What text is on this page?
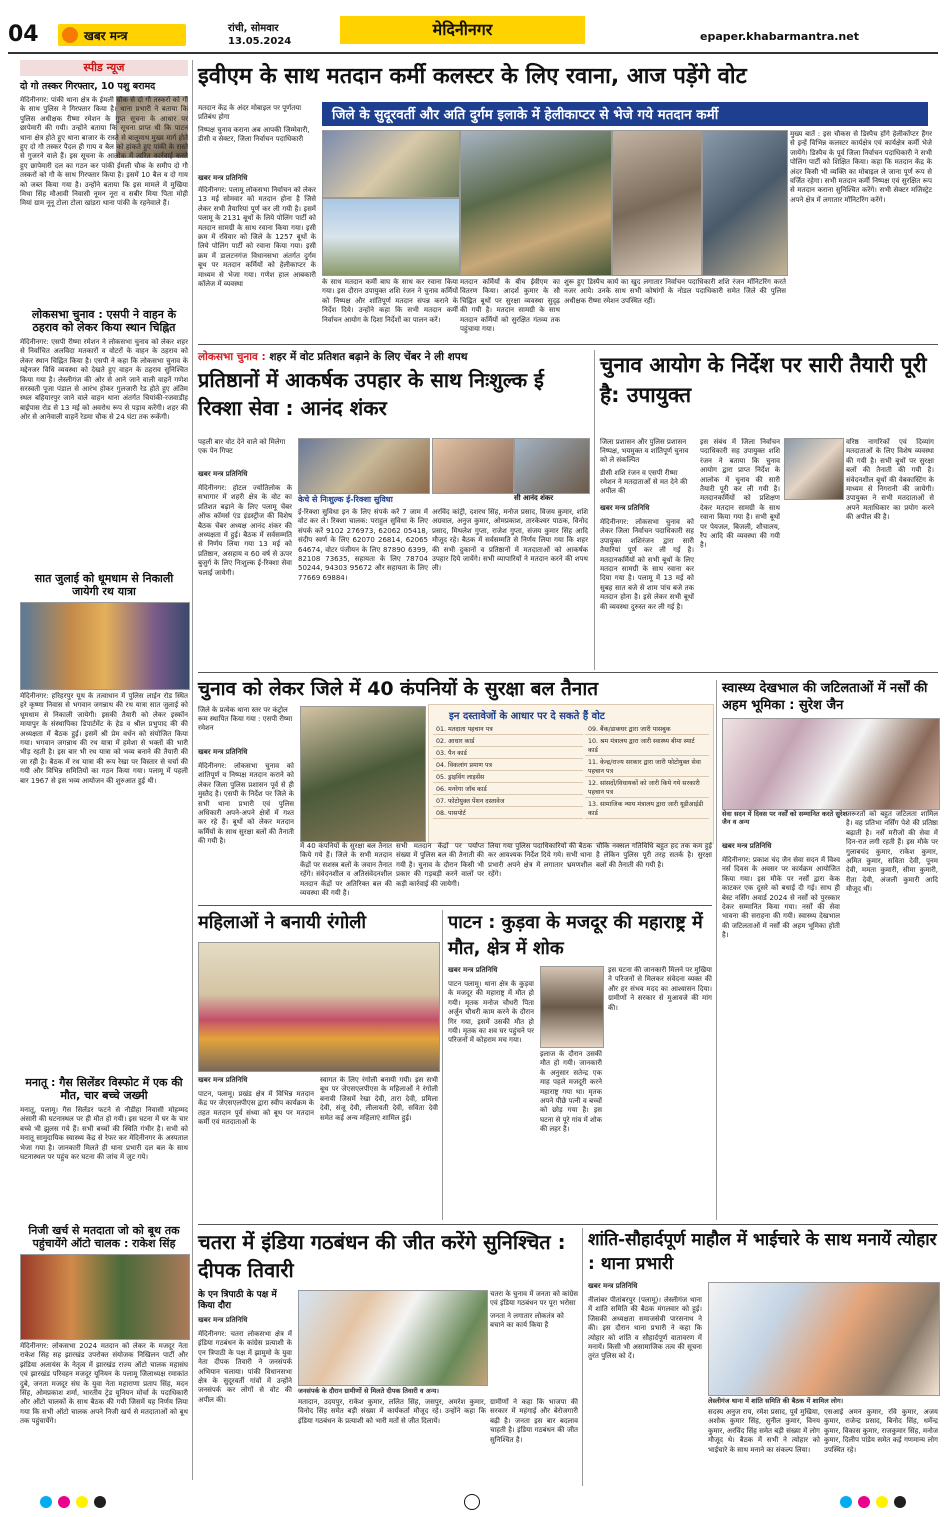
04	खबर मन्त्र
रांची, सोमवार
13.05.2024
मेदिनीनगर	epaper.khabarmantra.net
स्पीड न्यूज
दो गो तस्कर गिरफ्तार, 10 पशु बरामद
मेदिनीनगर: पांकी थाना क्षेत्र के ईमली चौक से दो गौ तस्करों को गौ के साथ पुलिस ने गिरफ्तार किया है। थाना प्रभारी ने बताया कि पुलिस अधीक्षक रीष्मा रमेशन के गुप्त सूचना के आधार पर छापेमारी की गयी। उन्होंने बताया कि सूचना प्राप्त थी कि पाटन थाना क्षेत्र होते हुए थाना बाजार के रास्ते से बालूमाथ मुख्य मार्ग होते हुए दो गौ तस्कर पैदल ही गाय व बैल को हांकते हुए पांकी के रास्ते से गुजरने वाले हैं। इस सूचना के आलोक में त्वरित कार्रवाई करते हुए छापेमारी दल का गठन कर पांकी ईमली चौक के समीप दो गौ तस्करों को गौ के साथ गिरफ्तार किया है। इसमें 10 बैल व दो गाय को जब्त किया गया है। उन्होंने बताया कि इस मामले में मुखिया मिथा सिंह मौआवी निवासी नूमन नूरा व सबीर मिया पिता मोही मियां ग्राम नूनू टोला टोला खांडरा थाना पांकी के रहनेवाले हैं।
लोकसभा चुनाव : एसपी ने वाहन के ठहराव को लेकर किया स्थान चिह्नित
मेदिनीनगर: एसपी रीष्मा रमेशन ने लोकसभा चुनाव को लेकर शहर से निर्वाचित अलविदा मतकारों व वोटरों के वाहन के ठहराव को लेकर स्थान चिह्नित किया है। एसपी ने कहा कि लोकसभा चुनाव के मद्देनजर विधि व्यवस्था को देखते हुए वाहन के ठहराव सुनिश्चित किया गया है। लेस्लीगंज की ओर से आने जाने वाली वाहनें गणेश सरस्वती पूजा पंडाल से आरंभ होकर गुलजारी रेड होते हुए अंतिम स्थल बहियारपुर जाने वाले वाहन थाना अंतर्गत चियांकी-रजवाडीह बाईपास रोड से 13 मई को अवरोध रूप से पड़ाव करेंगी। शहर की ओर से आनेवाली वाहनें रेडमा चौक से 24 घंटा तक रूकेंगी।
सात जुलाई को धूमधाम से निकाली जायेगी रथ यात्रा
मेदिनीनगर: हरिहरपुर यूथ के तत्वाधान में पुलिस लाईन रोड स्थित हरे कृष्णा निवास से भगवान जगन्नाथ की रथ यात्रा सात जुलाई को धूमधाम से निकाली जायेगी। इसकी तैयारी को लेकर इस्कॉन मायापुर के संस्थापिका डिपार्टमेंट के हेड व श्रील प्रभुपाद की की अध्यक्षता में बैठक हुई। इसमें श्री प्रेम वर्धन को संयोजित किया गया। भगवान जगन्नाथ की रथ यात्रा में हमेशा से भक्तों की भारी भीड़ रहती है। इस बार भी रथ यात्रा को भव्य बनाने की तैयारी की जा रही है। बैठक में रथ यात्रा की रूप रेखा पर विस्तार से चर्चा की गयी और विभिन्न समितियों का गठन किया गया। पलामू में पहली बार 1967 से इस भव्य आयोजन की शुरुआत हुई थी।
मनातू : गैस सिलेंडर विस्फोट में एक की मौत, चार बच्चे जख्मी
मनातू, पलामू। गैस सिलेंडर फटने से नौडीहा निवासी मोहम्मद अंसारी की घटनास्थल पर ही मौत हो गयी। इस घटना में घर के चार बच्चे भी झुलस गये हैं। सभी बच्चों की स्थिति गंभीर है। सभी को मनातू सामुदायिक स्वास्थ्य केंद्र से रेफर कर मेदिनीनगर के अस्पताल भेजा गया है। जानकारी मिलते ही थाना प्रभारी दल बल के साथ घटनास्थल पर पहुंच कर घटना की जांच में जुट गये।
निजी खर्च से मतदाता जो को बूथ तक पहुंचायेंगे ऑटो चालक : राकेश सिंह
मेदिनीनगर: लोकसभा 2024 मतदान को लेकर के मजदूर नेता राकेश सिंह सह झारखंड उपरोक्त संयोजक निखिलन पार्टी और झंडिया अलायंस के नेतृत्व में झारखंड राज्य ऑटो चालक महासंघ एवं झारखंड परिवहन मजदूर यूनियन के पलामू जिलाध्यक्ष रमाकांत दुबे, जनता मजदूर संघ के युवा नेता महाराणा प्रताप सिंह, मदन सिंह, ओमप्रकाश शर्मा, भारतीय ट्रेड यूनियन मोर्चा के पदाधिकारी और ऑटो चालकों के साथ बैठक की गयी जिसमें यह निर्णय लिया गया कि सभी ऑटो चालक अपने निजी खर्च से मतदाताओं को बूथ तक पहुंचायेंगे।
इवीएम के साथ मतदान कर्मी कलस्टर के लिए रवाना, आज पड़ेंगे वोट
जिले के सुदूरवर्ती और अति दुर्गम इलाके में हेलीकाप्टर से भेजे गये मतदान कर्मी
मतदान केंद्र के अंदर मोबाइल पर पूर्णतया प्रतिबंध होगा
निष्पक्ष चुनाव कराना अब आपकी जिम्मेवारी, डीसी व सेक्टर, जिला निर्वाचन पदाधिकारी
खबर मन्त्र प्रतिनिधि
मेदिनीनगर: पलामू लोकसभा निर्वाचन को लेकर 13 मई सोमवार को मतदान होना है जिसे लेकर सभी तैयारियां पूर्ण कर ली गयी है। इसमें पलामू के 2131 बूथों के लिये पोलिंग पार्टी को मतदान सामग्री के साथ रवाना किया गया। इसी क्रम में रविवार को जिले के 1257 बूथों के लिये पोलिंग पार्टी को रवाना किया गया। इसी क्रम में डालटनगंज विधानसभा अंतर्गत दुर्गम बूथ पर मतदान कर्मियों को हेलीकाप्टर के माध्यम से भेजा गया। गणेश हाल आबकारी कॉलेज में व्यवस्था	के साथ मतदान कर्मी बाघ के साथ कर रवाना किया गया। इस दौरान उपायुक्त शशि रंजन ने चुनाव कर्मियों को निष्पक्ष और शांतिपूर्ण मतदान संपन्न कराने के निर्देश दिये। उन्होंने कहा कि सभी मतदान कर्मी निर्वाचन आयोग के दिशा निर्देशों का पालन करें।
मतदान कर्मियों के बीच ईवीएम का वितरण किया। आदर्श कुमार के सौ चिह्नित बूथों पर सुरक्षा व्यवस्था सुदृढ़ की गयी है। मतदान सामग्री के साथ मतदान कर्मियों को सुरक्षित गंतव्य तक पहुंचाया गया।
शुरू हुए डिस्पैच कार्य का खुद लगातार निर्वाचन पदाधिकारी शशि रंजन मॉनिटरिंग करते नजर आये। उनके साथ सभी कोषांगों के नोडल पदाधिकारी समेत जिले की पुलिस अधीक्षक रीष्मा रमेशन उपस्थित रहीं।
मुख्य बातें : इस चौकस से डिस्पैच होंगे हेलीकॉप्टर हैंगर से इन्हें विभिन्न कलस्टर कार्यक्षेत्र एवं कार्यक्षेत्र कर्मी भेजे जायेंगे। डिस्पैच के पूर्व जिला निर्वाचन पदाधिकारी ने सभी पोलिंग पार्टी को शिक्षित किया। कहा कि मतदान केंद्र के अंदर किसी भी व्यक्ति का मोबाइल ले जाना पूर्ण रूप से वर्जित रहेगा। सभी मतदान कर्मी निष्पक्ष एवं सुरक्षित रूप से मतदान कराना सुनिश्चित करेंगे। सभी सेक्टर मजिस्ट्रेट अपने क्षेत्र में लगातार मॉनिटरिंग करेंगे।
लोकसभा चुनाव : शहर में वोट प्रतिशत बढ़ाने के लिए चेंबर ने ली शपथ
प्रतिष्ठानों में आकर्षक उपहार के साथ निःशुल्क ई रिक्शा सेवा : आनंद शंकर
पहली बार वोट देने वाले को मिलेगा एक पेन गिफ्ट
खबर मन्त्र प्रतिनिधि
मेदिनीनगर: होटल ज्योतिलोक के सभागार में शहरी क्षेत्र के वोट का प्रतिशत बढ़ाने के लिए पलामू चेंबर ऑफ कॉमर्स एंड इंडस्ट्रीज की विशेष बैठक चेंबर अध्यक्ष आनंद शंकर की अध्यक्षता में हुई। बैठक में सर्वसम्मति से निर्णय लिया गया 13 मई को प्रतिष्ठान, असहाय व 60 वर्ष से ऊपर बुजुर्ग के लिए निःशुल्क ई-रिक्शा सेवा चलाई जायेगी।
केचे से निःशुल्क ई-रिक्शा सुविधा
ई-रिक्शा सुविधा इन के लिए संपर्क करें 7 जाम में वोट कर ले। रिक्शा चालक: पराहुल सुविधा के लिए संपर्क करें 9102 276973, 62062 05418, संदीप स्वर्ण के लिए 62070 26814, 62065 64674, वोटर पंजीयन के लिए 87890 6399, 82108 73635, सहायता के लिए 78704 50244, 94303 95672 और सहायता के लिए 77669 69884।
सी आनंद शंकर
अरविंद कांट्री, दशरथ सिंह, मनोज प्रसाद, विजय कुमार, शशि अग्रवाल, अनुज कुमार, ओमप्रकाश, तारकेश्वर पाठक, विनोद प्रसाद, मिथलेश गुप्ता, राजेश गुप्ता, संजय कुमार सिंह आदि मौजूद रहे। बैठक में सर्वसम्मति से निर्णय लिया गया कि शहर की सभी दुकानों व प्रतिष्ठानों में मतदाताओं को आकर्षक उपहार दिये जायेंगे। सभी व्यापारियों ने मतदान करने की शपथ ली।
चुनाव आयोग के निर्देश पर सारी तैयारी पूरी है: उपायुक्त
जिला प्रशासन और पुलिस प्रशासन निष्पक्ष, भयमुक्त व शांतिपूर्ण चुनाव को ले संकल्पित
डीसी शशि रंजन व एसपी रीष्मा रमेशन ने मतदाताओं से मत देने की अपील की
खबर मन्त्र प्रतिनिधि
मेदिनीनगर: लोकसभा चुनाव को लेकर जिला निर्वाचन पदाधिकारी सह उपायुक्त शशिरंजन द्वारा सारी तैयारियां पूर्ण कर ली गई है। मतदानकर्मियों को सभी बूथों के लिए मतदान सामग्री के साथ रवाना कर दिया गया है। पलामू में 13 मई को सुबह सात बजे से शाम पांच बजे तक मतदान होना है। इसे लेकर सभी बूथों की व्यवस्था दुरुस्त कर ली गई है।
इस संबंध में जिला निर्वाचन पदाधिकारी सह उपायुक्त शशि रंजन ने बताया कि चुनाव आयोग द्वारा प्राप्त निर्देश के आलोक में चुनाव की सारी तैयारी पूरी कर ली गयी है। मतदानकर्मियों को प्रशिक्षण देकर मतदान सामग्री के साथ रवाना किया गया है। सभी बूथों पर पेयजल, बिजली, शौचालय, रैंप आदि की व्यवस्था की गयी है।
वरिष्ठ नागरिकों एवं दिव्यांग मतदाताओं के लिए विशेष व्यवस्था की गयी है। सभी बूथों पर सुरक्षा बलों की तैनाती की गयी है। संवेदनशील बूथों की वेबकास्टिंग के माध्यम से निगरानी की जायेगी। उपायुक्त ने सभी मतदाताओं से अपने मताधिकार का प्रयोग करने की अपील की है।
चुनाव को लेकर जिले में 40 कंपनियों के सुरक्षा बल तैनात
जिले के प्रत्येक थाना स्तर पर कंट्रोल रूम स्थापित किया गया : एसपी रीष्मा रमेशन
खबर मन्त्र प्रतिनिधि
मेदिनीनगर: लोकसभा चुनाव को शांतिपूर्ण व निष्पक्ष मतदान कराने को लेकर जिला पुलिस प्रशासन पूर्व से ही मुस्तैद है। एसपी के निर्देश पर जिले के सभी थाना प्रभारी एवं पुलिस अधिकारी अपने-अपने क्षेत्रों में गश्त कर रहे हैं। बूथों को लेकर मतदान कर्मियों के साथ सुरक्षा बलों की तैनाती की गयी है।
में 40 कंपनियों के सुरक्षा बल तैनात किये गये हैं। जिले के सभी मतदान केंद्रों पर सशस्त्र बलों के जवान तैनात रहेंगे। संवेदनशील व अतिसंवेदनशील मतदान केंद्रों पर अतिरिक्त बल की व्यवस्था की गयी है।
इन दस्तावेजों के आधार पर दे सकते हैं वोट
01. मतदाता पहचान पत्र
02. आधार कार्ड
03. पैन कार्ड
04. विकलांग प्रमाण पत्र
05. ड्राइविंग लाइसेंस
06. मनरेगा जॉब कार्ड
07. फोटोयुक्त पेंशन दस्तावेज
08. पासपोर्ट
09. बैंक/डाकघर द्वारा जारी पासबुक
10. श्रम मंत्रालय द्वारा जारी स्वास्थ्य बीमा स्मार्ट कार्ड
11. केन्द्र/राज्य सरकार द्वारा जारी फोटोयुक्त सेवा पहचान पत्र
12. सांसदों/विधायकों को जारी किये गये सरकारी पहचान पत्र
13. सामाजिक न्याय मंत्रालय द्वारा जारी यूडीआईडी कार्ड
सभी मतदान केंद्रों पर पर्याप्त संख्या में पुलिस बल की तैनाती की गयी है। चुनाव के दौरान किसी भी प्रकार की गड़बड़ी करने वालों पर कड़ी कार्रवाई की जायेगी।
लिया गया पुलिस पदाधिकारियों की बैठक कर आवश्यक निर्देश दिये गये। सभी थाना प्रभारी अपने क्षेत्र में लगातार भ्रमणशील रहेंगे।
चौकि नक्सल गतिविधि बहुत हद तक कम हुई है लेकिन पुलिस पूरी तरह सतर्क है। सुरक्षा बलों की तैनाती की गयी है।
स्वास्थ्य देखभाल की जटिलताओं में नर्सों की अहम भूमिका : सुरेश जैन
सेवा सदन में दिवस पर नर्सों को सम्मानित करते सुरेश जैन व अन्य
खबर मन्त्र प्रतिनिधि
मेदिनीनगर: प्रकाश चंद जैन सेवा सदन में विश्व नर्स दिवस के अवसर पर कार्यक्रम आयोजित किया गया। इस मौके पर नर्सों द्वारा केक काटकर एक दूसरे को बधाई दी गई। साथ ही बेस्ट नर्सिंग अवार्ड 2024 से नर्सों को पुरस्कार देकर सम्मानित किया गया। नर्सों की सेवा भावना की सराहना की गयी। स्वास्थ्य देखभाल की जटिलताओं में नर्सों की अहम भूमिका होती है।
जरूरतों को बहुत जटिलता शामिल है। वह प्रतिभा नर्सिंग पेशे की प्रतिष्ठा बढ़ाती है। नर्सें मरीजों की सेवा में दिन-रात लगी रहती हैं। इस मौके पर गुलाबचंद कुमार, राकेश कुमार, अमित कुमार, सविता देवी, पूनम देवी, ममता कुमारी, सीमा कुमारी, रीता देवी, अंजली कुमारी आदि मौजूद थीं।
महिलाओं ने बनायी रंगोली
खबर मन्त्र प्रतिनिधि
पाटन, पलामू। प्रखंड क्षेत्र में विभिन्न मतदान केंद्र पर जेएसएलपीएस द्वारा स्वीप कार्यक्रम के तहत मतदान पूर्व संध्या को बूथ पर मतदान कर्मी एवं मतदाताओं के
स्वागत के लिए रंगोली बनायी गयी। इस सभी बूथ पर जेएसएलपीएस के महिलाओं ने रंगोली बनायी जिसमें रेखा देवी, तारा देवी, प्रमिला देवी, संजू देवी, लीलावती देवी, सविता देवी समेत कई अन्य महिलाएं शामिल हुई।
पाटन : कुड़वा के मजदूर की महाराष्ट्र में मौत, क्षेत्र में शोक
खबर मन्त्र प्रतिनिधि
पाटन पलामू। थाना क्षेत्र के कुड़वा के मजदूर की महाराष्ट्र में मौत हो गयी। मृतक मनोज चौधरी पिता अर्जुन चौधरी काम करने के दौरान गिर गया, इसमें उसकी मौत हो गयी। मृतक का शव घर पहुंचने पर परिजनों में कोहराम मच गया।
इलाज के दौरान उसकी मौत हो गयी। जानकारी के अनुसार सतेन्द्र एक माह पहले मजदूरी करने महाराष्ट्र गया था। मृतक अपने पीछे पत्नी व बच्चों को छोड़ गया है। इस घटना से पूरे गांव में शोक की लहर है।
इस घटना की जानकारी मिलने पर मुखिया ने परिजनों से मिलकर संवेदना व्यक्त की और हर संभव मदद का आश्वासन दिया। ग्रामीणों ने सरकार से मुआवजे की मांग की।
चतरा में इंडिया गठबंधन की जीत करेंगे सुनिश्चित : दीपक तिवारी
के एन त्रिपाठी के पक्ष में किया दौरा
खबर मन्त्र प्रतिनिधि
मेदिनीनगर: चतरा लोकसभा क्षेत्र में इंडिया गठबंधन के कांग्रेस प्रत्याशी के एन त्रिपाठी के पक्ष में झामुमो के युवा नेता दीपक तिवारी ने जनसंपर्क अभियान चलाया। पांकी विधानसभा क्षेत्र के सुदूरवर्ती गांवों में उन्होंने जनसंपर्क कर लोगों से वोट की अपील की।
चतरा के चुनाव में जनता को कांग्रेस एवं इंडिया गठबंधन पर पूरा भरोसा
जनता ने लगातार लोकतंत्र को बचाने का कार्य किया है
जनसंपर्क के दौरान ग्रामीणों से मिलते दीपक तिवारी व अन्य।
मतादान, उदयपुर, राकेश कुमार, ललित सिंह, जसपुर, अमरेश कुमार, विनोद सिंह समेत बड़ी संख्या में कार्यकर्ता मौजूद रहे। उन्होंने कहा कि इंडिया गठबंधन के प्रत्याशी को भारी मतों से जीत दिलायें।
ग्रामीणों ने कहा कि भाजपा की सरकार में महंगाई और बेरोजगारी बढ़ी है। जनता इस बार बदलाव चाहती है। इंडिया गठबंधन की जीत सुनिश्चित है।
शांति-सौहार्दपूर्ण माहौल में भाईचारे के साथ मनायें त्योहार : थाना प्रभारी
खबर मन्त्र प्रतिनिधि
नीलांबर पीतांबरपुर (पलामू)। लेस्लीगंज थाना में शांति समिति की बैठक मंगलवार को हुई। जिसकी अध्यक्षता समाजसेवी पारसनाथ ने की। इस दौरान थाना प्रभारी ने कहा कि त्योहार को शांति व सौहार्दपूर्ण वातावरण में मनायें। किसी भी असामाजिक तत्व की सूचना तुरंत पुलिस को दें।
लेस्लीगंज थाना में शांति समिति की बैठक में शामिल लोग।
सदस्य अनुज राय, रमेश प्रसाद, पूर्व मुखिया, अशोक कुमार सिंह, सुनील कुमार, विनय कुमार, अरविंद सिंह समेत बड़ी संख्या में लोग मौजूद थे। बैठक में सभी ने त्योहार को भाईचारे के साथ मनाने का संकल्प लिया।
एसआई अमन कुमार, रवि कुमार, अजय कुमार, राजेन्द्र प्रसाद, बिनोद सिंह, धर्मेन्द्र कुमार, विकास कुमार, राजकुमार सिंह, मनोज कुमार, दिलीप पांडेय समेत कई गणमान्य लोग उपस्थित रहे।
